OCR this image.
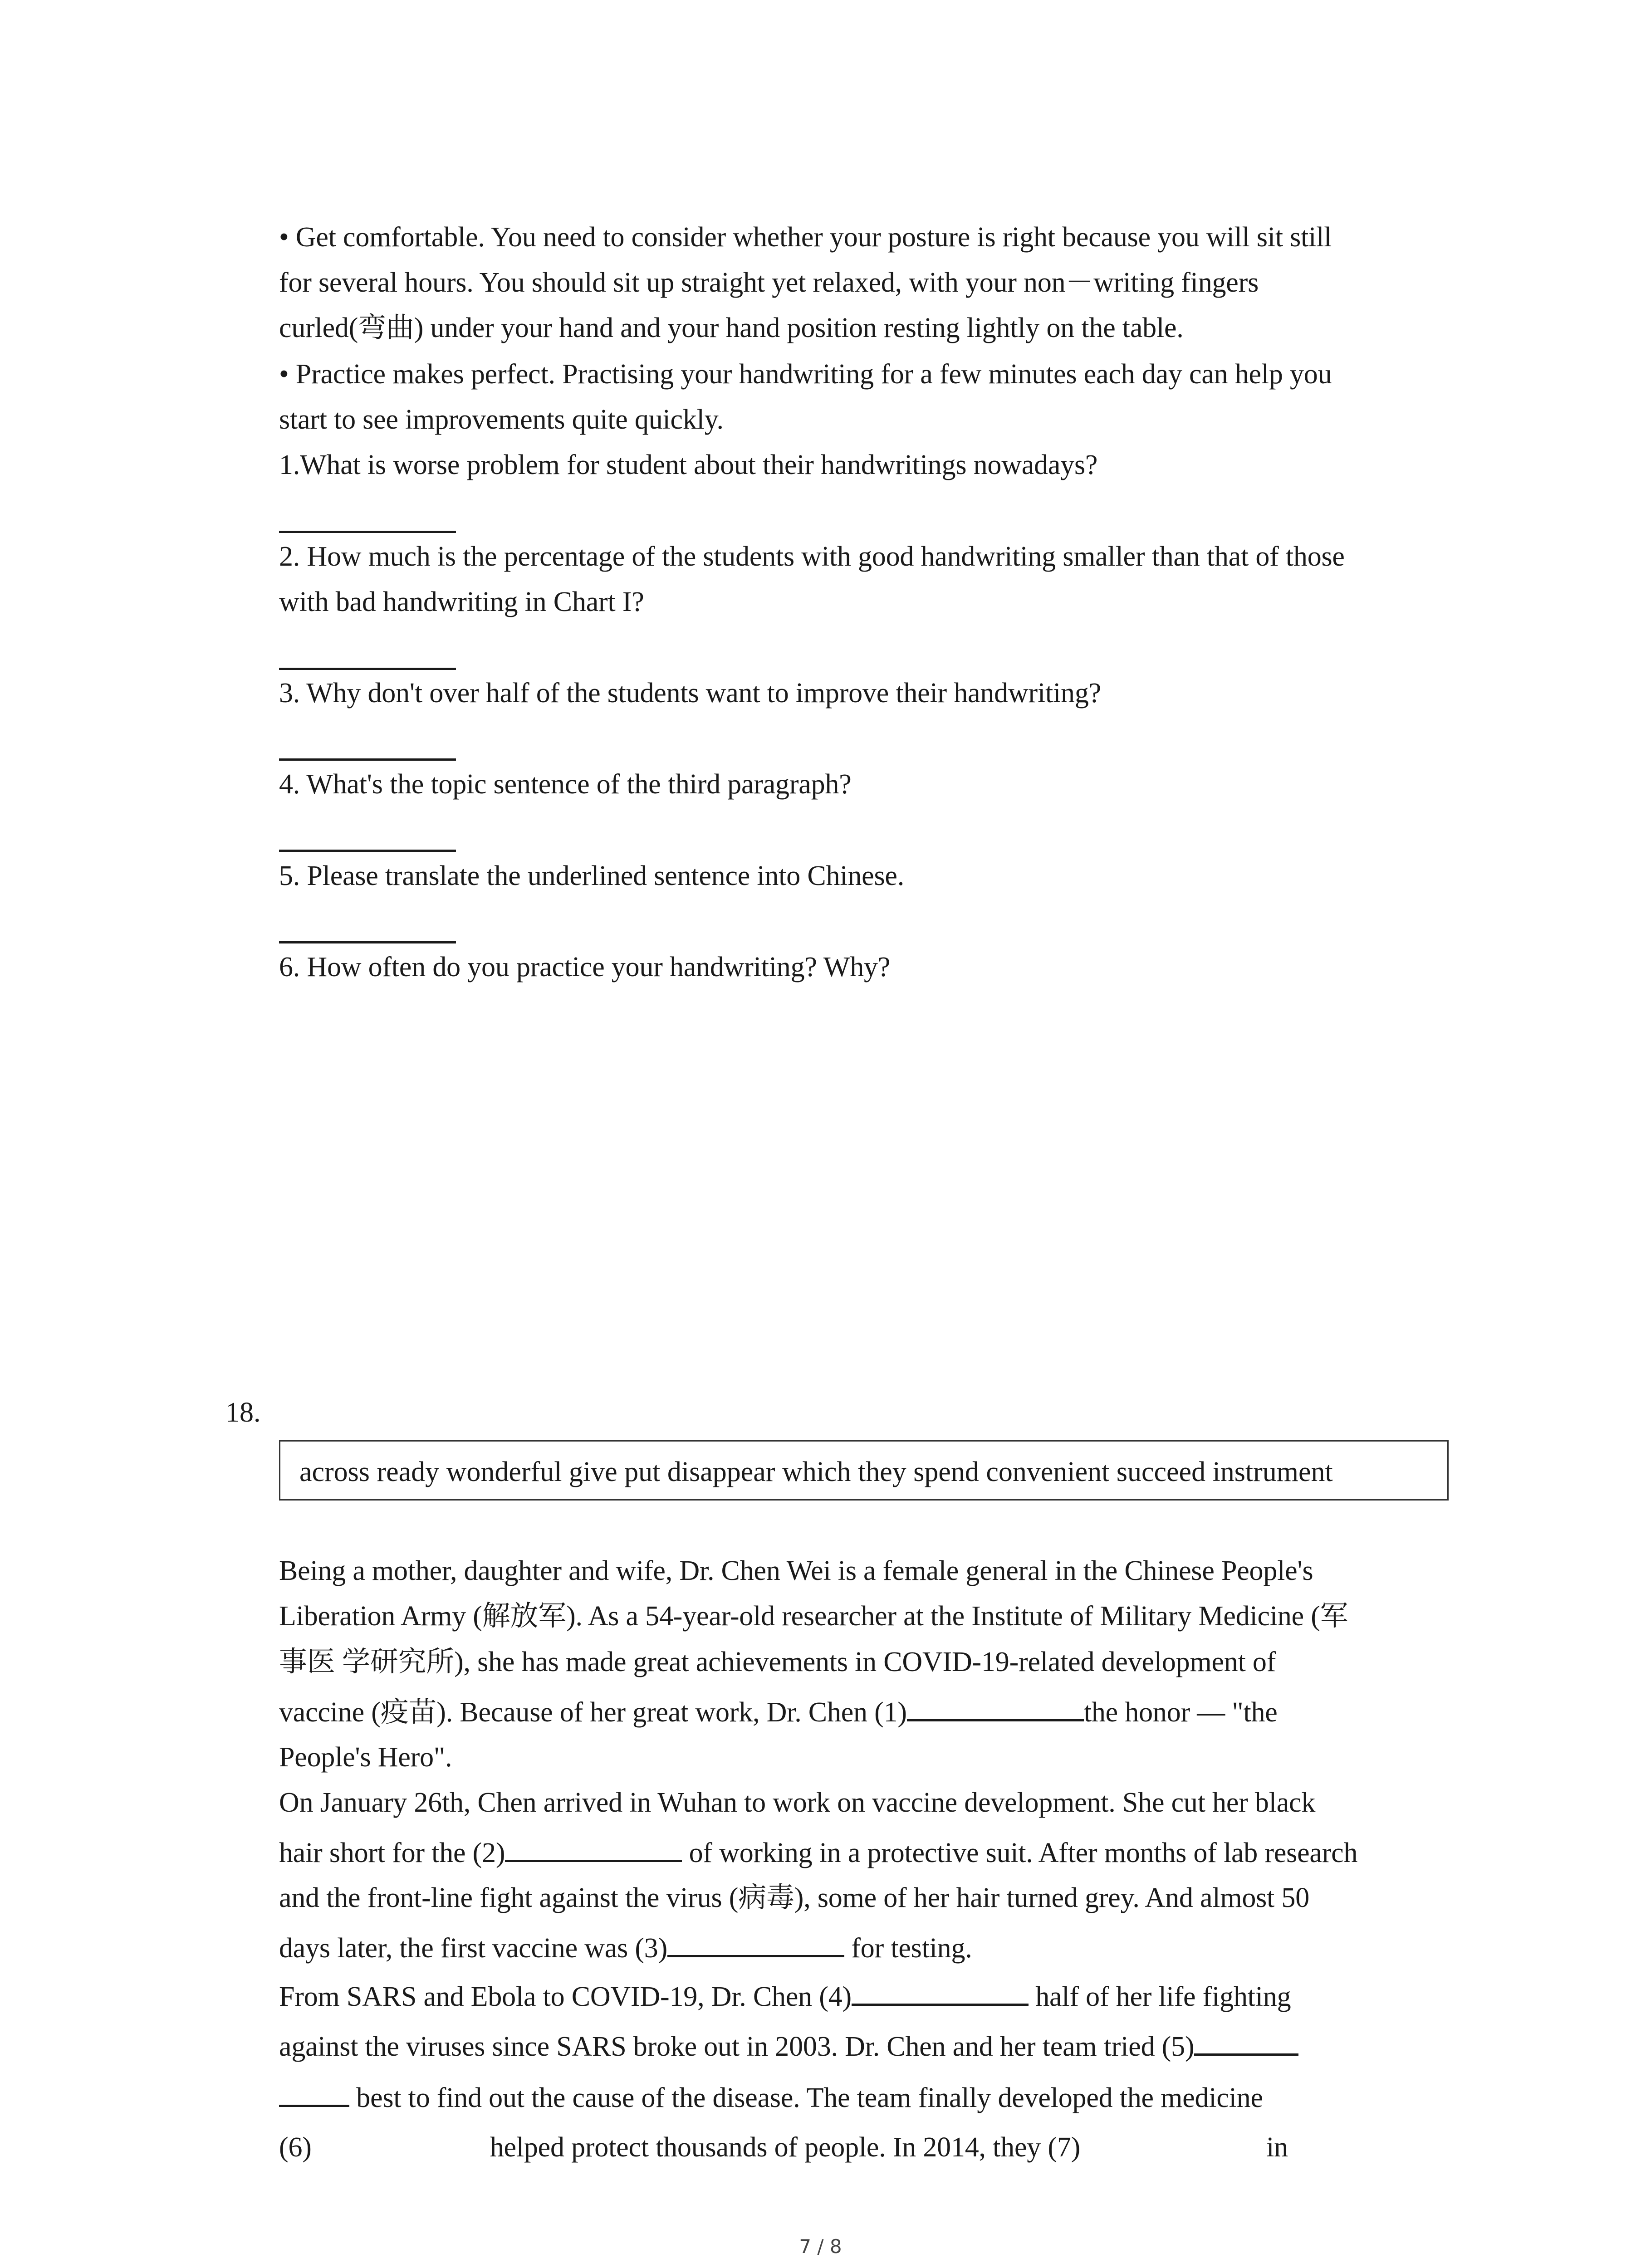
• Get comfortable. You need to consider whether your posture is right because you will sit still
for several hours. You should sit up straight yet relaxed, with your non－writing fingers
curled(弯曲) under your hand and your hand position resting lightly on the table.
• Practice makes perfect. Practising your handwriting for a few minutes each day can help you
start to see improvements quite quickly.
1.What is worse problem for student about their handwritings nowadays?
2. How much is the percentage of the students with good handwriting smaller than that of those
with bad handwriting in Chart I?
3. Why don't over half of the students want to improve their handwriting?
4. What's the topic sentence of the third paragraph?
5. Please translate the underlined sentence into Chinese.
6. How often do you practice your handwriting? Why?
18.
across ready wonderful give put disappear which they spend convenient succeed instrument
Being a mother, daughter and wife, Dr. Chen Wei is a female general in the Chinese People's
Liberation Army (解放军). As a 54-year-old researcher at the Institute of Military Medicine (军
事医 学研究所), she has made great achievements in COVID-19-related development of
vaccine (疫苗). Because of her great work, Dr. Chen (1)	the honor — "the
People's Hero".
On January 26th, Chen arrived in Wuhan to work on vaccine development. She cut her black
hair short for the (2)	of working in a protective suit. After months of lab research
and the front-line fight against the virus (病毒), some of her hair turned grey. And almost 50
days later, the first vaccine was (3)	for testing.
From SARS and Ebola to COVID-19, Dr. Chen (4)	half of her life fighting
against the viruses since SARS broke out in 2003. Dr. Chen and her team tried (5)
best to find out the cause of the disease. The team finally developed the medicine
(6)	helped protect thousands of people. In 2014, they (7)	in
7 / 8
